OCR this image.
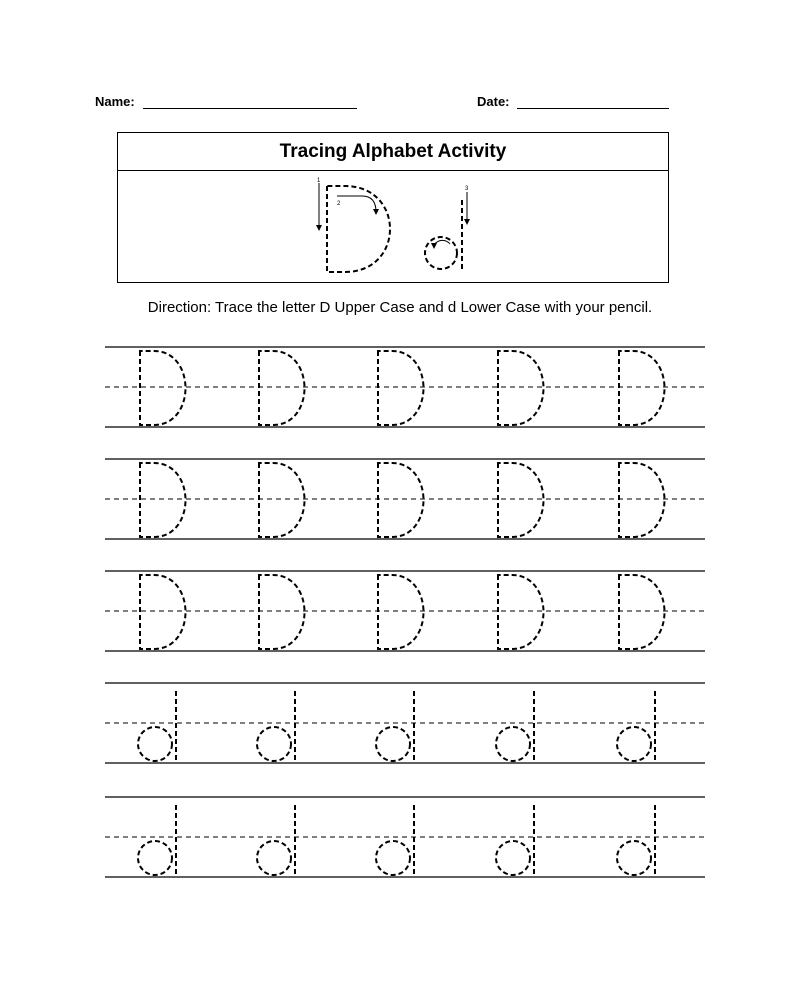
Name:	Date:
Tracing Alphabet Activity
1
2
3
Direction: Trace the letter D Upper Case and d Lower Case with your pencil.
